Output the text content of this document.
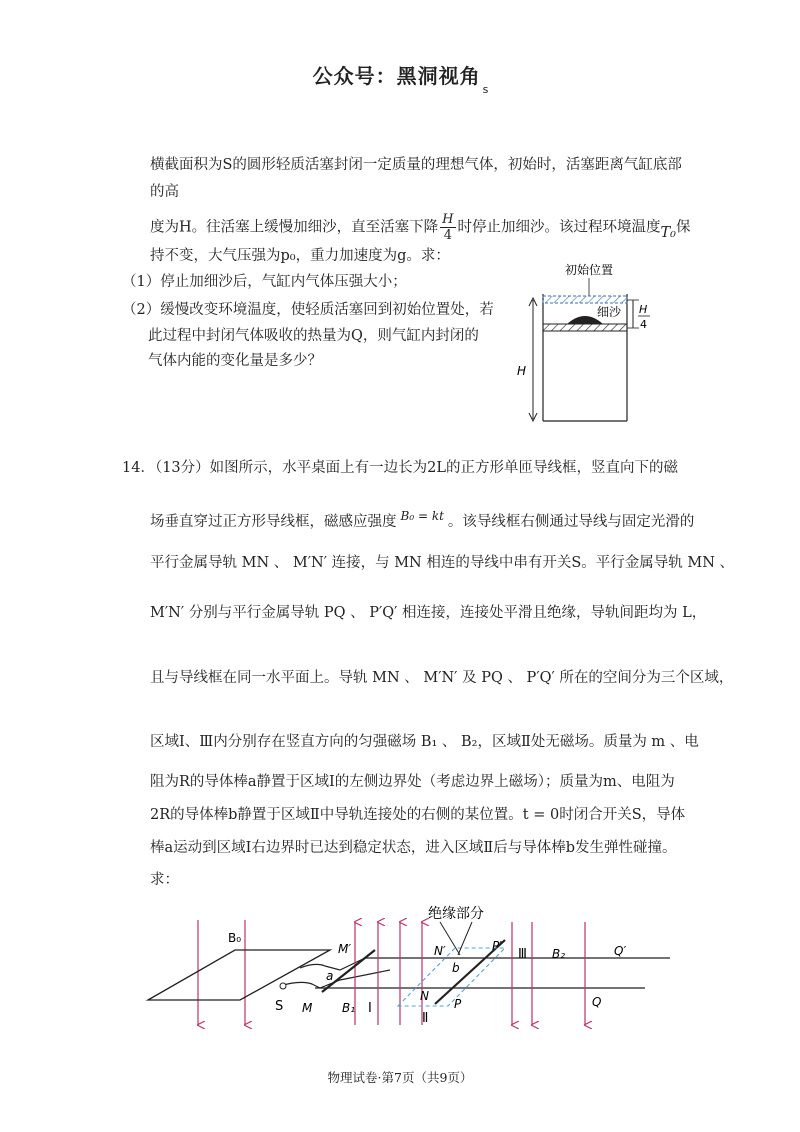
公众号：黑洞视角$_s$
横截面积为S的圆形轻质活塞封闭一定质量的理想气体，初始时，活塞距离气缸底部
的高
度为H。往活塞上缓慢加细沙，直至活塞下降 $\frac{H}{4}$ 时停止加细沙。该过程环境温度T₀保
持不变，大气压强为p₀，重力加速度为g。求：
（1）停止加细沙后，气缸内气体压强大小；
（2）缓慢改变环境温度，使轻质活塞回到初始位置处，若
此过程中封闭气体吸收的热量为Q，则气缸内封闭的
气体内能的变化量是多少？
初始位置
细沙
H
H
4
14．（13分）如图所示，水平桌面上有一边长为2L的正方形单匝导线框，竖直向下的磁
场垂直穿过正方形导线框，磁感应强度 $^{B_0 = kt}$ 。该导线框右侧通过导线与固定光滑的
平行金属导轨 MN 、 M′N′ 连接，与 MN 相连的导线中串有开关S。平行金属导轨 MN 、
M′N′ 分别与平行金属导轨 PQ 、 P′Q′ 相连接，连接处平滑且绝缘，导轨间距均为 L，
且与导线框在同一水平面上。导轨 MN 、 M′N′ 及 PQ 、 P′Q′ 所在的空间分为三个区域，
区域Ⅰ、Ⅲ内分别存在竖直方向的匀强磁场 B₁ 、 B₂，区域Ⅱ处无磁场。质量为 m 、电
阻为R的导体棒a静置于区域Ⅰ的左侧边界处（考虑边界上磁场）；质量为m、电阻为
2R的导体棒b静置于区域Ⅱ中导轨连接处的右侧的某位置。t = 0时闭合开关S，导体
棒a运动到区域Ⅰ右边界时已达到稳定状态，进入区域Ⅱ后与导体棒b发生弹性碰撞。
求：
B₀
S
绝缘部分
M′
a
M B₁ Ⅰ
N′
N
Ⅱ
b
P′
P
Ⅲ B₂	Q′
Q
物理试卷·第7页（共9页）
